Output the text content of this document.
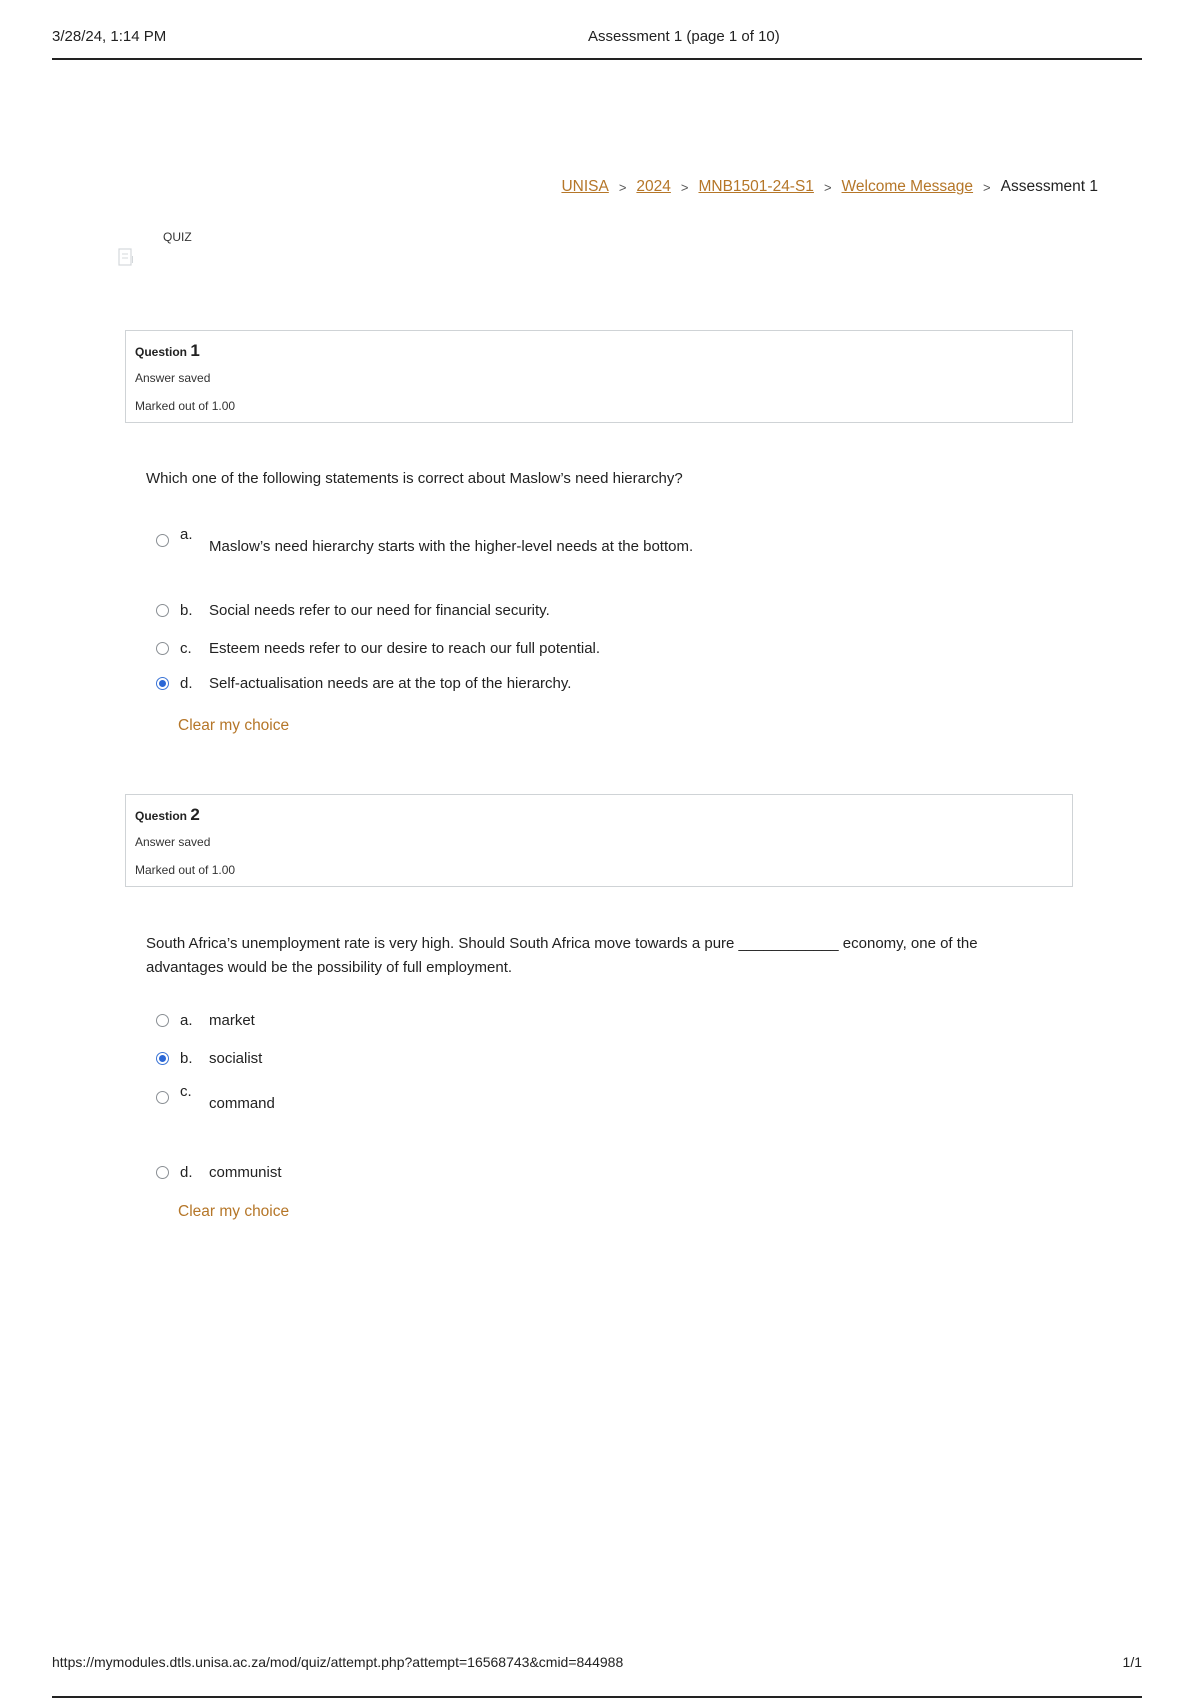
3/28/24, 1:14 PM	Assessment 1 (page 1 of 10)
UNISA > 2024 > MNB1501-24-S1 > Welcome Message > Assessment 1
QUIZ
Question 1
Answer saved
Marked out of 1.00
Which one of the following statements is correct about Maslow’s need hierarchy?
a.
Maslow’s need hierarchy starts with the higher-level needs at the bottom.
b. Social needs refer to our need for financial security.
c. Esteem needs refer to our desire to reach our full potential.
d. Self-actualisation needs are at the top of the hierarchy.
Clear my choice
Question 2
Answer saved
Marked out of 1.00
South Africa’s unemployment rate is very high. Should South Africa move towards a pure ____________ economy, one of the advantages would be the possibility of full employment.
a. market
b. socialist
c.
command
d. communist
Clear my choice
https://mymodules.dtls.unisa.ac.za/mod/quiz/attempt.php?attempt=16568743&cmid=844988	1/1
